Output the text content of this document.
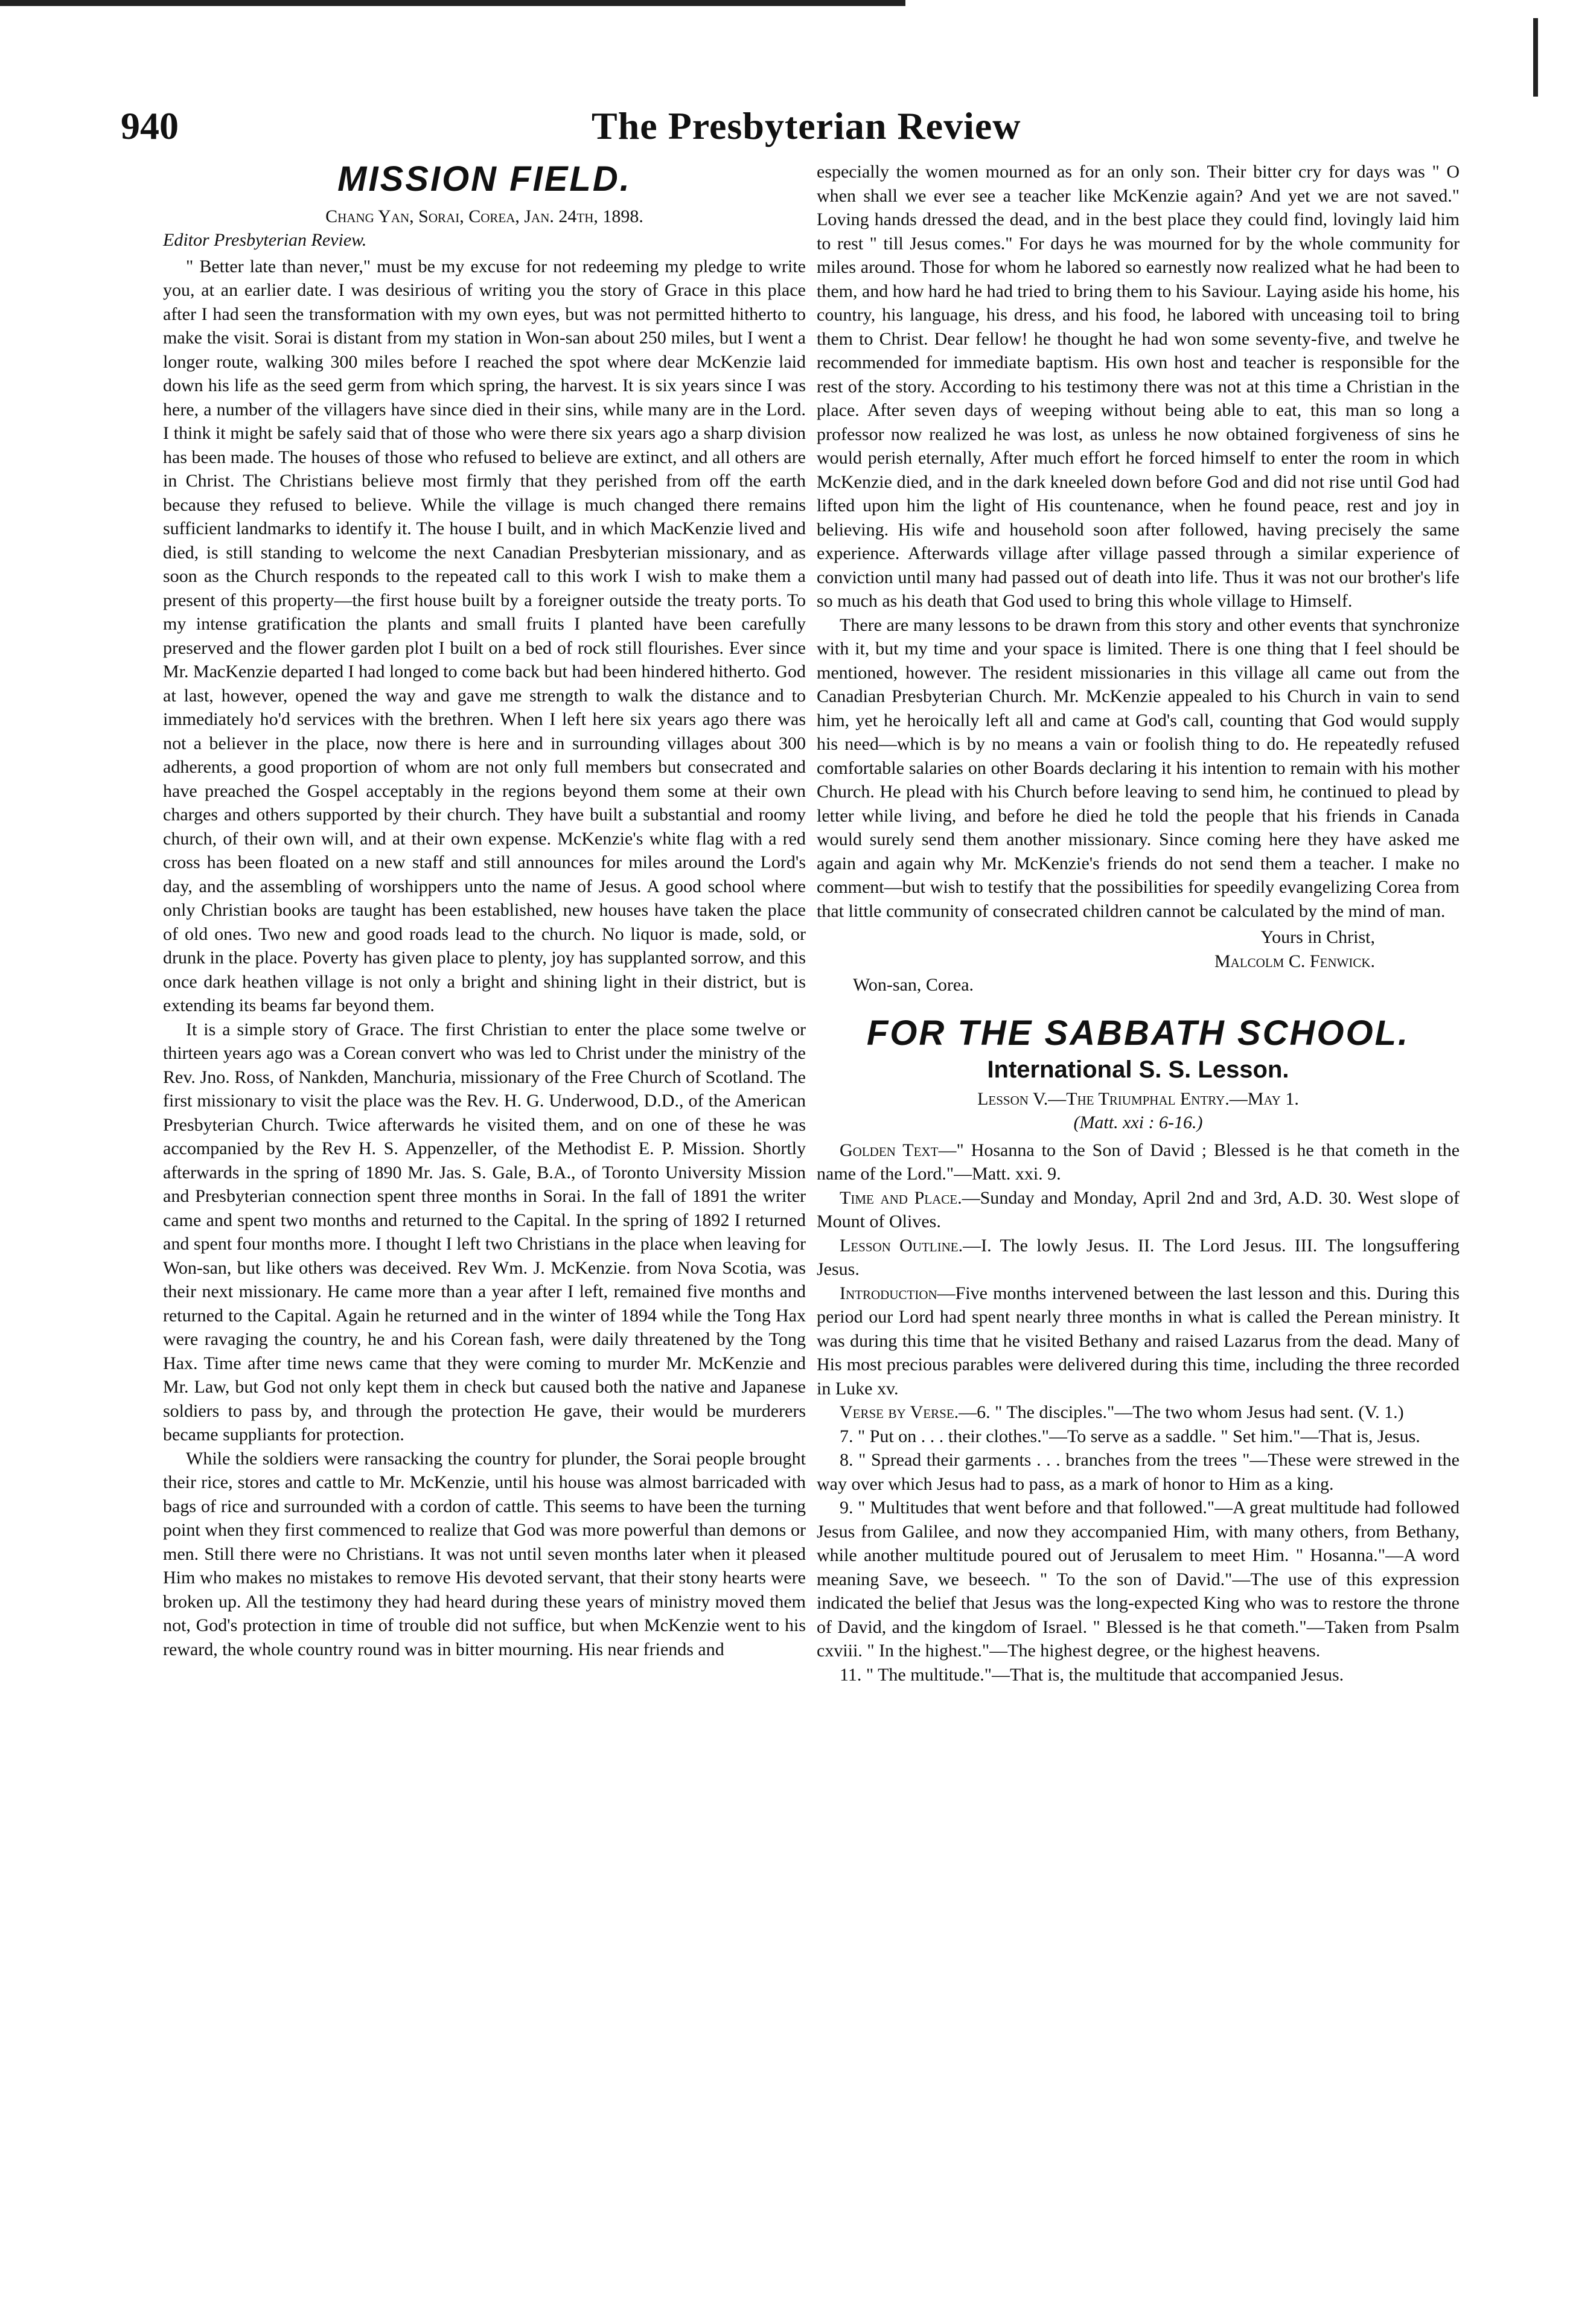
940	The Presbyterian Review
MISSION FIELD.
Chang Yan, Sorai, Corea, Jan. 24th, 1898.
Editor Presbyterian Review.

" Better late than never," must be my excuse for not redeeming my pledge to write you, at an earlier date. I was desirious of writing you the story of Grace in this place after I had seen the transformation with my own eyes, but was not permitted hitherto to make the visit. Sorai is distant from my station in Won-san about 250 miles, but I went a longer route, walking 300 miles before I reached the spot where dear McKenzie laid down his life as the seed germ from which spring, the harvest. It is six years since I was here, a number of the villagers have since died in their sins, while many are in the Lord. I think it might be safely said that of those who were there six years ago a sharp division has been made. The houses of those who refused to believe are extinct, and all others are in Christ. The Christians believe most firmly that they perished from off the earth because they refused to believe. While the village is much changed there remains sufficient landmarks to identify it. The house I built, and in which MacKenzie lived and died, is still standing to welcome the next Canadian Presbyterian missionary, and as soon as the Church responds to the repeated call to this work I wish to make them a present of this property—the first house built by a foreigner outside the treaty ports. To my intense gratification the plants and small fruits I planted have been carefully preserved and the flower garden plot I built on a bed of rock still flourishes. Ever since Mr. MacKenzie departed I had longed to come back but had been hindered hitherto. God at last, however, opened the way and gave me strength to walk the distance and to immediately ho'd services with the brethren. When I left here six years ago there was not a believer in the place, now there is here and in surrounding villages about 300 adherents, a good proportion of whom are not only full members but consecrated and have preached the Gospel acceptably in the regions beyond them some at their own charges and others supported by their church. They have built a substantial and roomy church, of their own will, and at their own expense. McKenzie's white flag with a red cross has been floated on a new staff and still announces for miles around the Lord's day, and the assembling of worshippers unto the name of Jesus. A good school where only Christian books are taught has been established, new houses have taken the place of old ones. Two new and good roads lead to the church. No liquor is made, sold, or drunk in the place. Poverty has given place to plenty, joy has supplanted sorrow, and this once dark heathen village is not only a bright and shining light in their district, but is extending its beams far beyond them.

It is a simple story of Grace. The first Christian to enter the place some twelve or thirteen years ago was a Corean convert who was led to Christ under the ministry of the Rev. Jno. Ross, of Nankden, Manchuria, missionary of the Free Church of Scotland. The first missionary to visit the place was the Rev. H. G. Underwood, D.D., of the American Presbyterian Church. Twice afterwards he visited them, and on one of these he was accompanied by the Rev H. S. Appenzeller, of the Methodist E. P. Mission. Shortly afterwards in the spring of 1890 Mr. Jas. S. Gale, B.A., of Toronto University Mission and Presbyterian connection spent three months in Sorai. In the fall of 1891 the writer came and spent two months and returned to the Capital. In the spring of 1892 I returned and spent four months more. I thought I left two Christians in the place when leaving for Won-san, but like others was deceived. Rev Wm. J. McKenzie. from Nova Scotia, was their next missionary. He came more than a year after I left, remained five months and returned to the Capital. Again he returned and in the winter of 1894 while the Tong Hax were ravaging the country, he and his Corean fash, were daily threatened by the Tong Hax. Time after time news came that they were coming to murder Mr. McKenzie and Mr. Law, but God not only kept them in check but caused both the native and Japanese soldiers to pass by, and through the protection He gave, their would be murderers became suppliants for protection.

While the soldiers were ransacking the country for plunder, the Sorai people brought their rice, stores and cattle to Mr. McKenzie, until his house was almost barricaded with bags of rice and surrounded with a cordon of cattle. This seems to have been the turning point when they first commenced to realize that God was more powerful than demons or men. Still there were no Christians. It was not until seven months later when it pleased Him who makes no mistakes to remove His devoted servant, that their stony hearts were broken up. All the testimony they had heard during these years of ministry moved them not, God's protection in time of trouble did not suffice, but when McKenzie went to his reward, the whole country round was in bitter mourning. His near friends and

especially the women mourned as for an only son. Their bitter cry for days was " O when shall we ever see a teacher like McKenzie again? And yet we are not saved." Loving hands dressed the dead, and in the best place they could find, lovingly laid him to rest " till Jesus comes." For days he was mourned for by the whole community for miles around. Those for whom he labored so earnestly now realized what he had been to them, and how hard he had tried to bring them to his Saviour. Laying aside his home, his country, his language, his dress, and his food, he labored with unceasing toil to bring them to Christ. Dear fellow! he thought he had won some seventy-five, and twelve he recommended for immediate baptism. His own host and teacher is responsible for the rest of the story. According to his testimony there was not at this time a Christian in the place. After seven days of weeping without being able to eat, this man so long a professor now realized he was lost, as unless he now obtained forgiveness of sins he would perish eternally, After much effort he forced himself to enter the room in which McKenzie died, and in the dark kneeled down before God and did not rise until God had lifted upon him the light of His countenance, when he found peace, rest and joy in believing. His wife and household soon after followed, having precisely the same experience. Afterwards village after village passed through a similar experience of conviction until many had passed out of death into life. Thus it was not our brother's life so much as his death that God used to bring this whole village to Himself.

There are many lessons to be drawn from this story and other events that synchronize with it, but my time and your space is limited. There is one thing that I feel should be mentioned, however. The resident missionaries in this village all came out from the Canadian Presbyterian Church. Mr. McKenzie appealed to his Church in vain to send him, yet he heroically left all and came at God's call, counting that God would supply his need—which is by no means a vain or foolish thing to do. He repeatedly refused comfortable salaries on other Boards declaring it his intention to remain with his mother Church. He plead with his Church before leaving to send him, he continued to plead by letter while living, and before he died he told the people that his friends in Canada would surely send them another missionary. Since coming here they have asked me again and again why Mr. McKenzie's friends do not send them a teacher. I make no comment—but wish to testify that the possibilities for speedily evangelizing Corea from that little community of consecrated children cannot be calculated by the mind of man.

Yours in Christ,

Malcolm C. Fenwick.

Won-san, Corea.

FOR THE SABBATH SCHOOL.
International S. S. Lesson.
Lesson V.—The Triumphal Entry.—May 1.
(Matt. xxi : 6-16.)

Golden Text—" Hosanna to the Son of David ; Blessed is he that cometh in the name of the Lord."—Matt. xxi. 9.

Time and Place.—Sunday and Monday, April 2nd and 3rd, A.D. 30. West slope of Mount of Olives.

Lesson Outline.—I. The lowly Jesus. II. The Lord Jesus. III. The longsuffering Jesus.

Introduction—Five months intervened between the last lesson and this. During this period our Lord had spent nearly three months in what is called the Perean ministry. It was during this time that he visited Bethany and raised Lazarus from the dead. Many of His most precious parables were delivered during this time, including the three recorded in Luke xv.

Verse by Verse.—6. " The disciples."—The two whom Jesus had sent. (V. 1.)

7. " Put on . . . their clothes."—To serve as a saddle. " Set him."—That is, Jesus.

8. " Spread their garments . . . branches from the trees "—These were strewed in the way over which Jesus had to pass, as a mark of honor to Him as a king.

9. " Multitudes that went before and that followed."—A great multitude had followed Jesus from Galilee, and now they accompanied Him, with many others, from Bethany, while another multitude poured out of Jerusalem to meet Him. " Hosanna."—A word meaning Save, we beseech. " To the son of David."—The use of this expression indicated the belief that Jesus was the long-expected King who was to restore the throne of David, and the kingdom of Israel. " Blessed is he that cometh."—Taken from Psalm cxviii. " In the highest."—The highest degree, or the highest heavens.

11. " The multitude."—That is, the multitude that accompanied Jesus.
